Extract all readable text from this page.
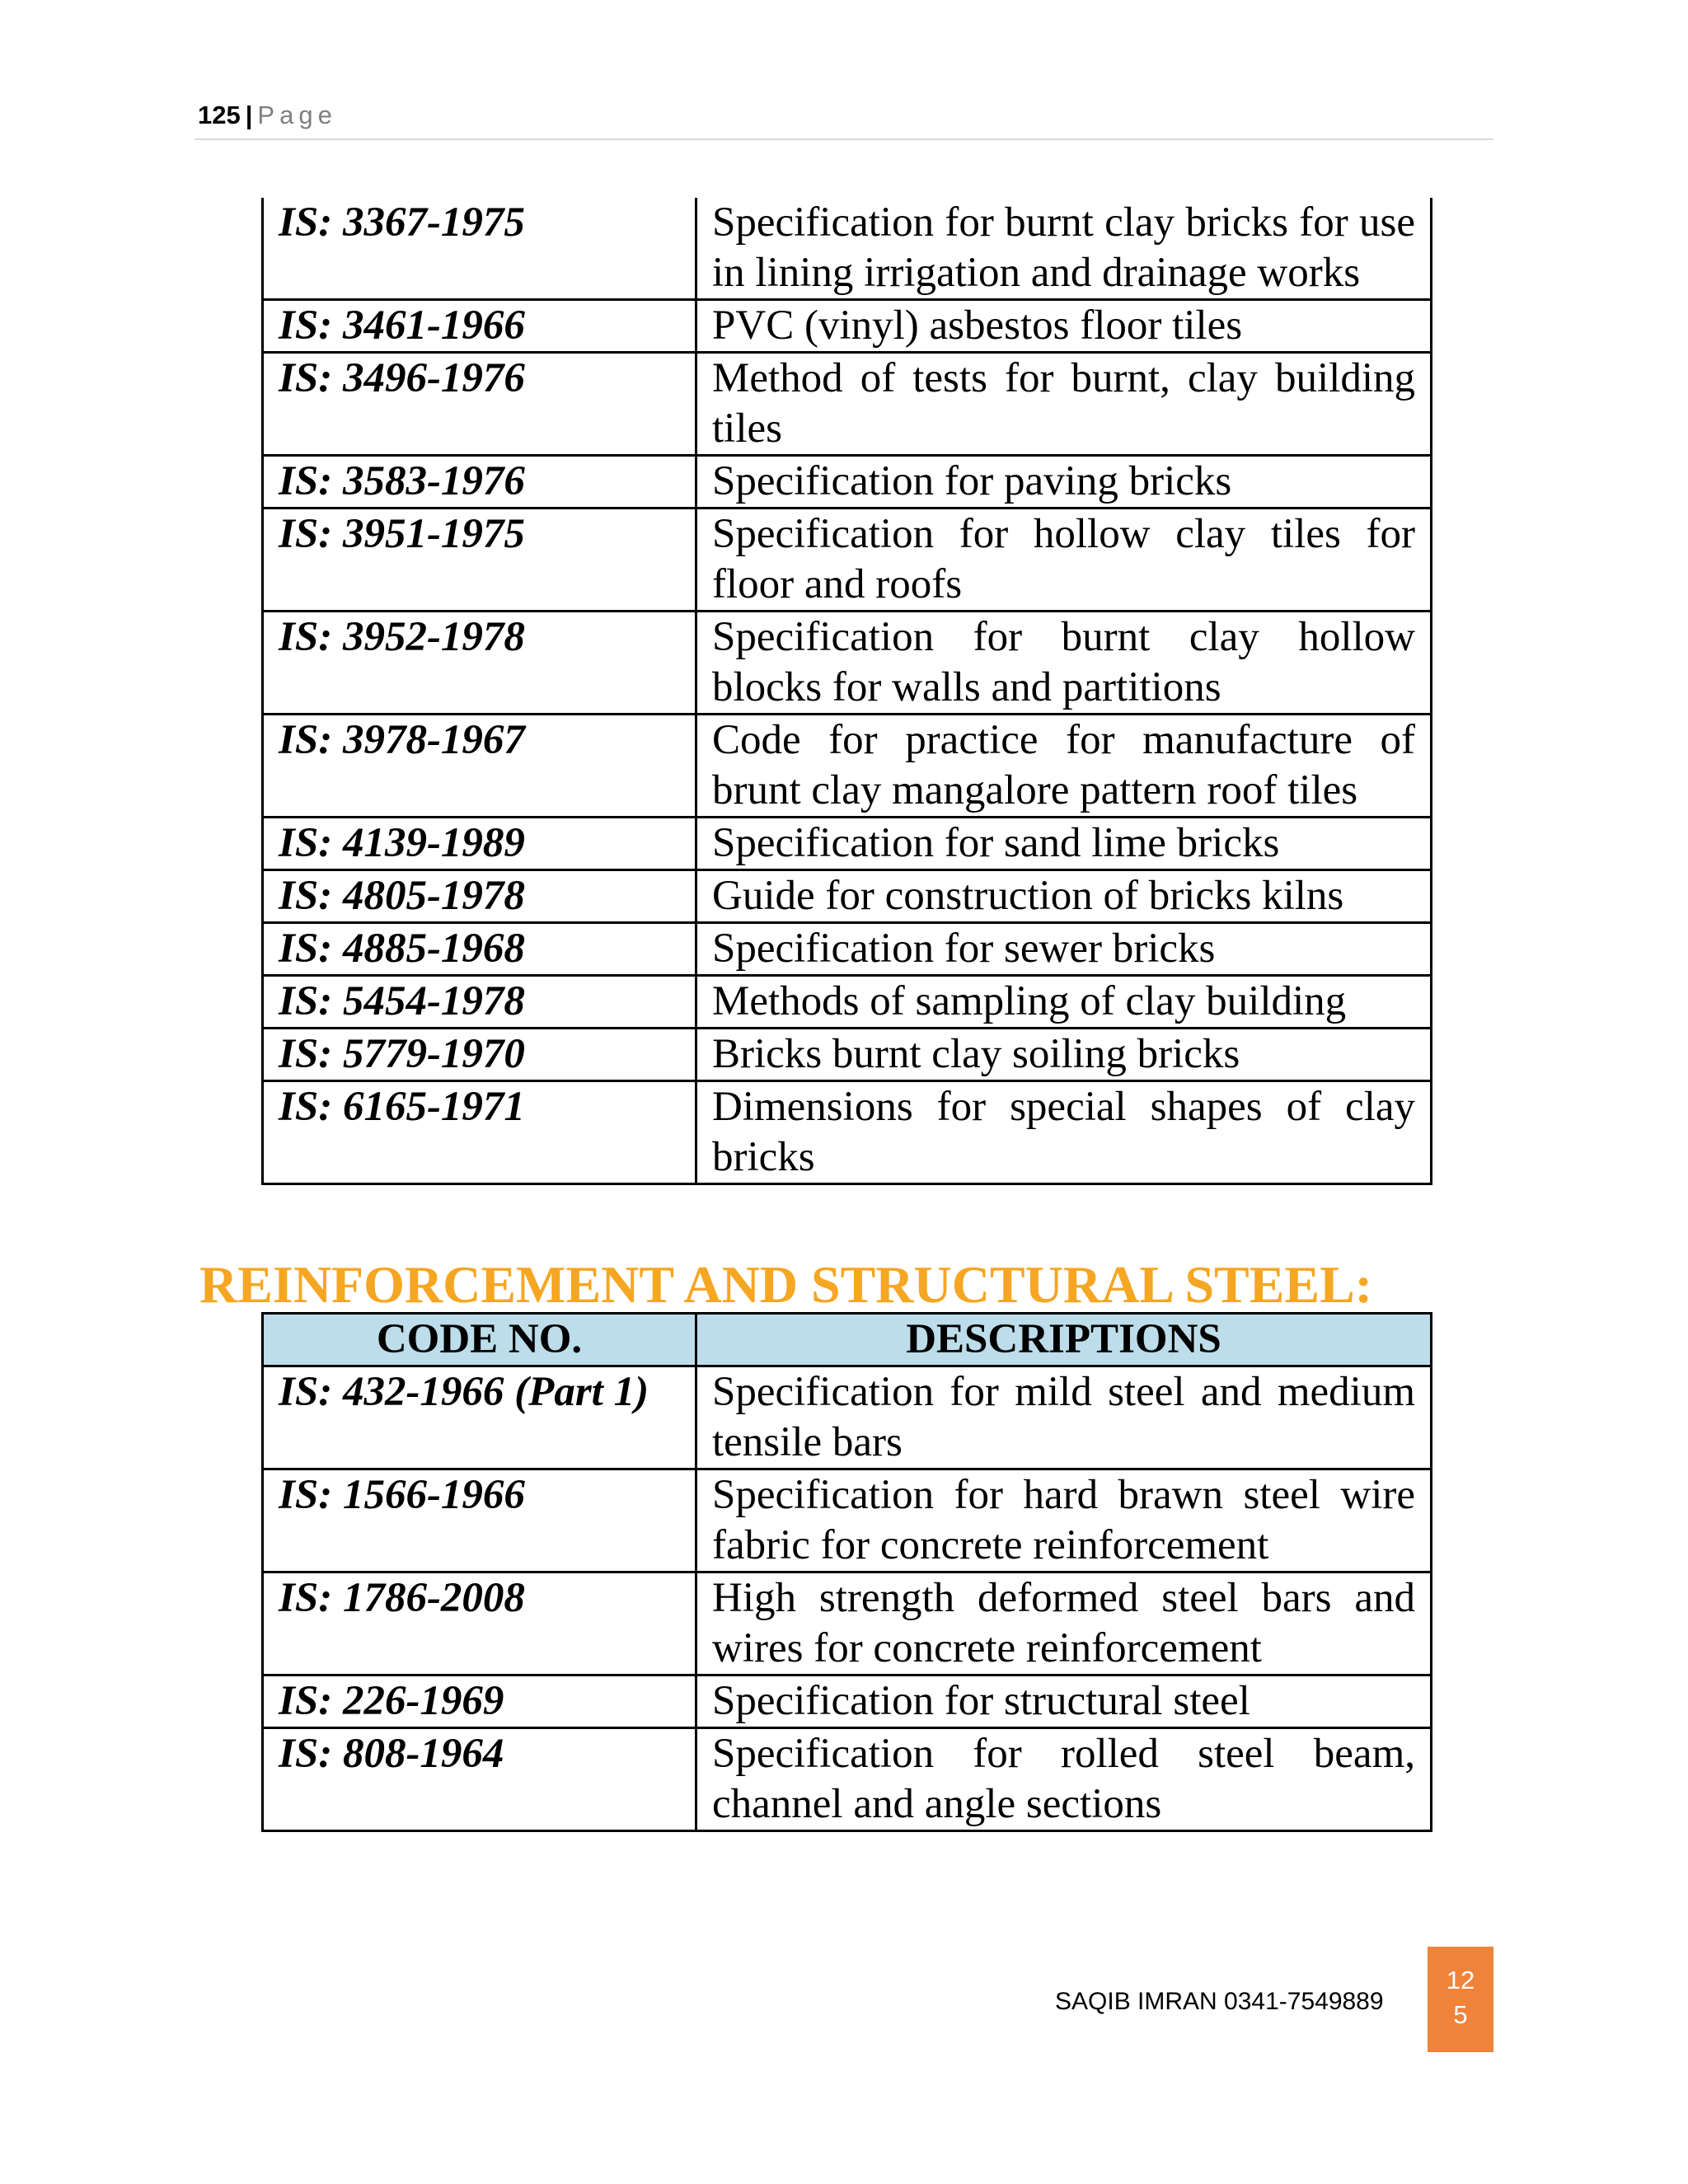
125 | Page
IS: 3367-1975	Specification for burnt clay bricks for use in lining irrigation and drainage works
IS: 3461-1966	PVC (vinyl) asbestos floor tiles
IS: 3496-1976	Method of tests for burnt, clay building tiles
IS: 3583-1976	Specification for paving bricks
IS: 3951-1975	Specification for hollow clay tiles for floor and roofs
IS: 3952-1978	Specification for burnt clay hollow blocks for walls and partitions
IS: 3978-1967	Code for practice for manufacture of brunt clay mangalore pattern roof tiles
IS: 4139-1989	Specification for sand lime bricks
IS: 4805-1978	Guide for construction of bricks kilns
IS: 4885-1968	Specification for sewer bricks
IS: 5454-1978	Methods of sampling of clay building
IS: 5779-1970	Bricks burnt clay soiling bricks
IS: 6165-1971	Dimensions for special shapes of clay bricks
REINFORCEMENT AND STRUCTURAL STEEL:
CODE NO.	DESCRIPTIONS
IS: 432-1966 (Part 1)	Specification for mild steel and medium tensile bars
IS: 1566-1966	Specification for hard brawn steel wire fabric for concrete reinforcement
IS: 1786-2008	High strength deformed steel bars and wires for concrete reinforcement
IS: 226-1969	Specification for structural steel
IS: 808-1964	Specification for rolled steel beam, channel and angle sections
SAQIB IMRAN 0341-7549889
12
5
